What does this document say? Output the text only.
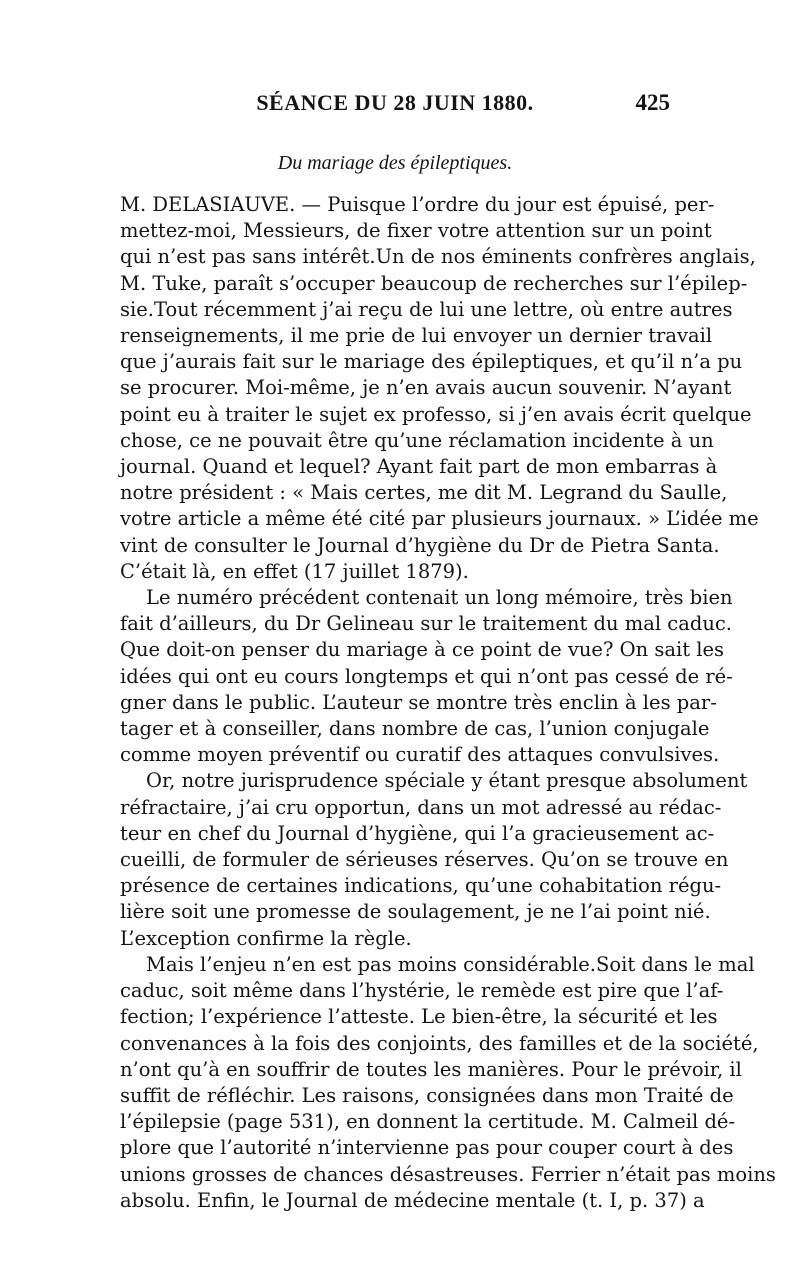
SÉANCE DU 28 JUIN 1880.	425
Du mariage des épileptiques.
M. DELASIAUVE. — Puisque l’ordre du jour est épuisé, per-
mettez-moi, Messieurs, de fixer votre attention sur un point
qui n’est pas sans intérêt.Un de nos éminents confrères anglais,
M. Tuke, paraît s’occuper beaucoup de recherches sur l’épilep-
sie.Tout récemment j’ai reçu de lui une lettre, où entre autres
renseignements, il me prie de lui envoyer un dernier travail
que j’aurais fait sur le mariage des épileptiques, et qu’il n’a pu
se procurer. Moi-même, je n’en avais aucun souvenir. N’ayant
point eu à traiter le sujet ex professo, si j’en avais écrit quelque
chose, ce ne pouvait être qu’une réclamation incidente à un
journal. Quand et lequel? Ayant fait part de mon embarras à
notre président : « Mais certes, me dit M. Legrand du Saulle,
votre article a même été cité par plusieurs journaux. » L’idée me
vint de consulter le Journal d’hygiène du Dr de Pietra Santa.
C’était là, en effet (17 juillet 1879).
Le numéro précédent contenait un long mémoire, très bien
fait d’ailleurs, du Dr Gelineau sur le traitement du mal caduc.
Que doit-on penser du mariage à ce point de vue? On sait les
idées qui ont eu cours longtemps et qui n’ont pas cessé de ré-
gner dans le public. L’auteur se montre très enclin à les par-
tager et à conseiller, dans nombre de cas, l’union conjugale
comme moyen préventif ou curatif des attaques convulsives.
Or, notre jurisprudence spéciale y étant presque absolument
réfractaire, j’ai cru opportun, dans un mot adressé au rédac-
teur en chef du Journal d’hygiène, qui l’a gracieusement ac-
cueilli, de formuler de sérieuses réserves. Qu’on se trouve en
présence de certaines indications, qu’une cohabitation régu-
lière soit une promesse de soulagement, je ne l’ai point nié.
L’exception confirme la règle.
Mais l’enjeu n’en est pas moins considérable.Soit dans le mal
caduc, soit même dans l’hystérie, le remède est pire que l’af-
fection; l’expérience l’atteste. Le bien-être, la sécurité et les
convenances à la fois des conjoints, des familles et de la société,
n’ont qu’à en souffrir de toutes les manières. Pour le prévoir, il
suffit de réfléchir. Les raisons, consignées dans mon Traité de
l’épilepsie (page 531), en donnent la certitude. M. Calmeil dé-
plore que l’autorité n’intervienne pas pour couper court à des
unions grosses de chances désastreuses. Ferrier n’était pas moins
absolu. Enfin, le Journal de médecine mentale (t. I, p. 37) a
